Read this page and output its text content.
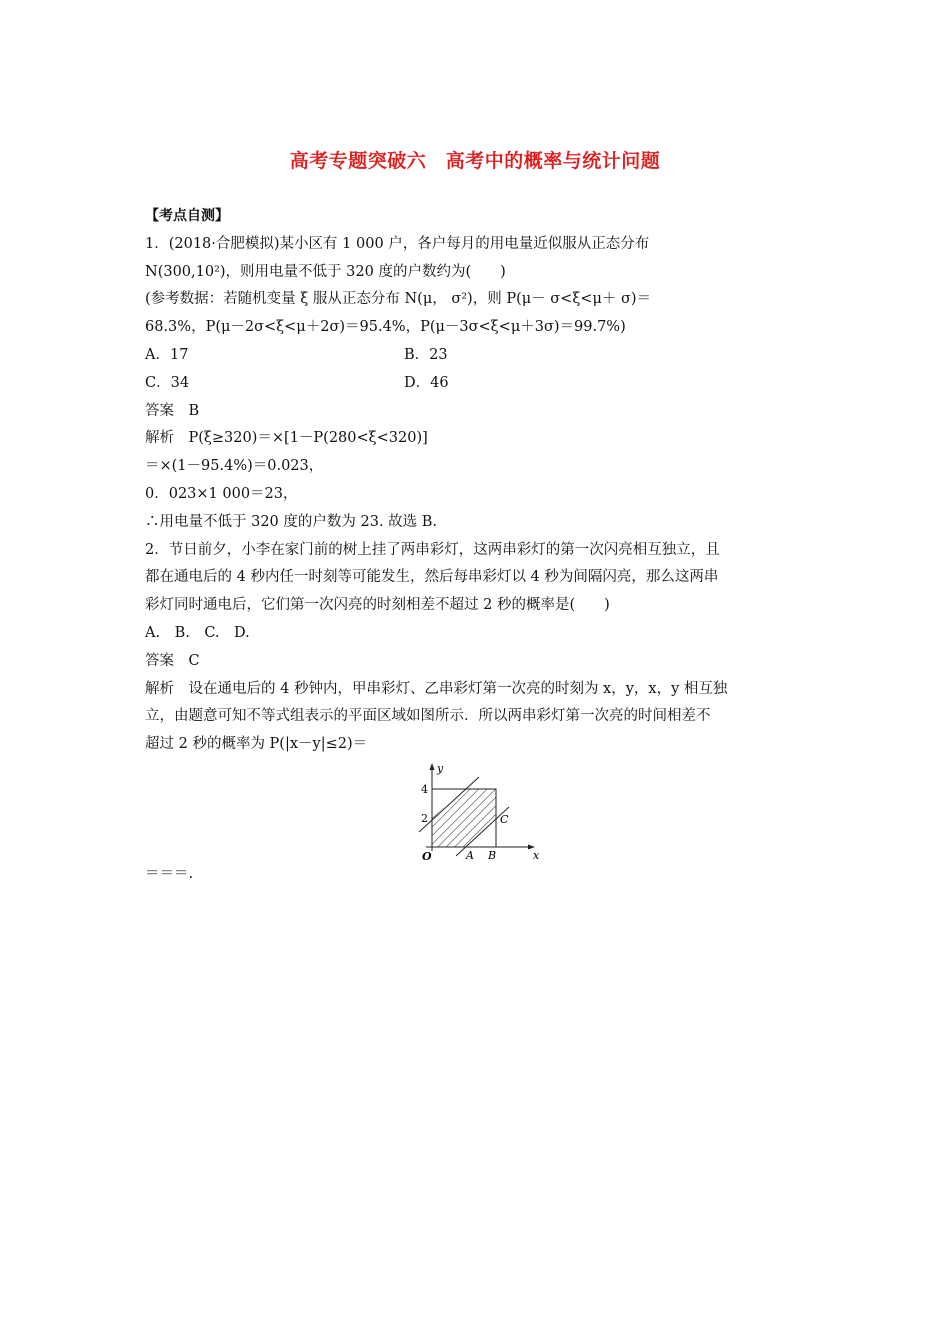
高考专题突破六　高考中的概率与统计问题

【考点自测】

1．(2018·合肥模拟)某小区有 1 000 户，各户每月的用电量近似服从正态分布

N(300,10²)，则用电量不低于 320 度的户数约为(　　)

(参考数据：若随机变量 ξ 服从正态分布 N(μ， σ²)，则 P(μ－ σ<ξ<μ＋ σ)＝

68.3%，P(μ－2σ<ξ<μ＋2σ)＝95.4%，P(μ－3σ<ξ<μ＋3σ)＝99.7%)

A．17	B．23

C．34	D．46

答案　B

解析　P(ξ≥320)＝×[1－P(280<ξ<320)]

＝×(1－95.4%)＝0.023，

0．023×1 000＝23，

∴用电量不低于 320 度的户数为 23. 故选 B.

2．节日前夕，小李在家门前的树上挂了两串彩灯，这两串彩灯的第一次闪亮相互独立，且

都在通电后的 4 秒内任一时刻等可能发生，然后每串彩灯以 4 秒为间隔闪亮，那么这两串

彩灯同时通电后，它们第一次闪亮的时刻相差不超过 2 秒的概率是(　　)

A.　B.　C.　D.

答案　C

解析　设在通电后的 4 秒钟内，甲串彩灯、乙串彩灯第一次亮的时刻为 x，y，x，y 相互独

立，由题意可知不等式组表示的平面区域如图所示．所以两串彩灯第一次亮的时间相差不

超过 2 秒的概率为 P(|x－y|≤2)＝

y
x
4
2
O	A B
C

＝＝＝.
